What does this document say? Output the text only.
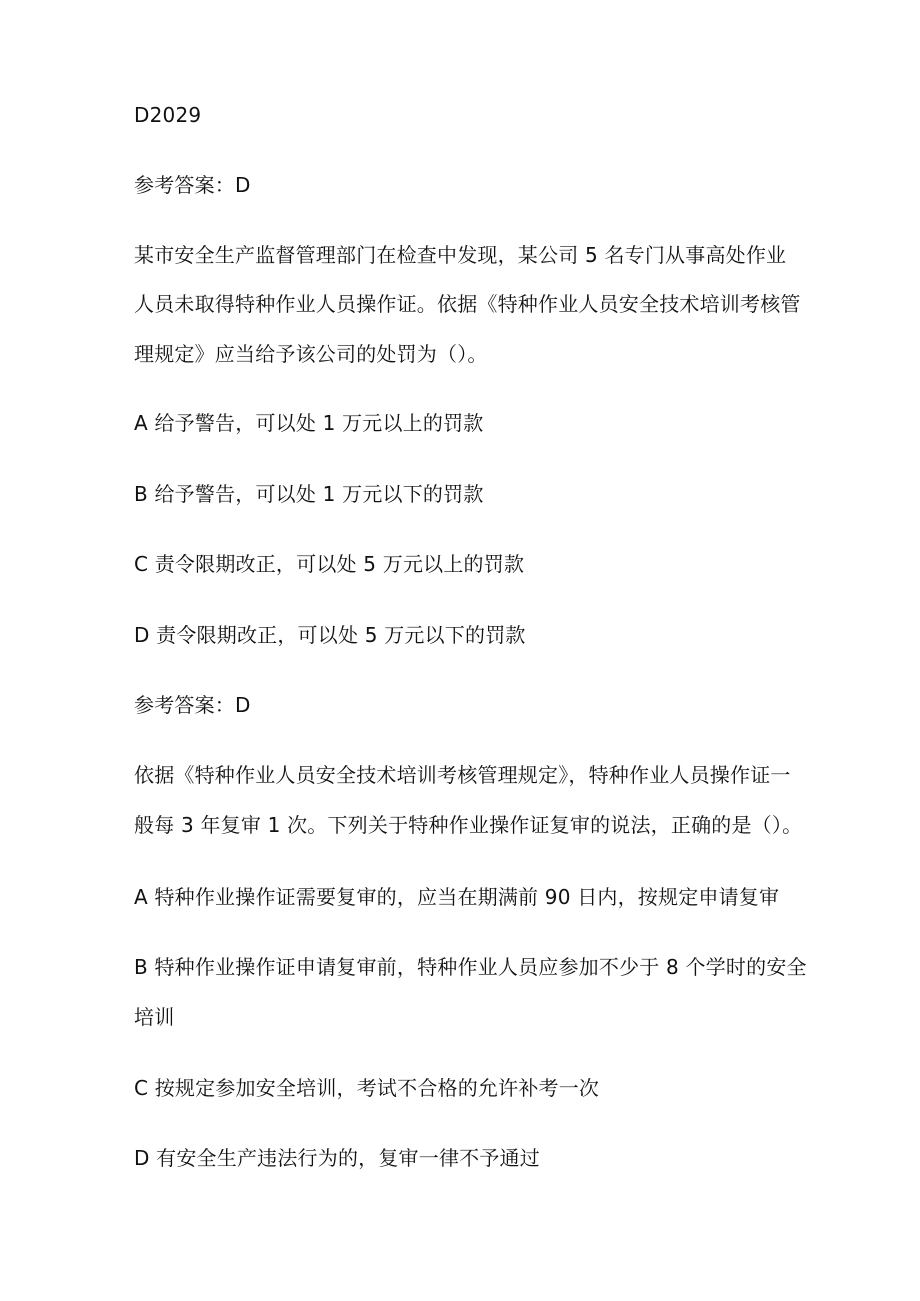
D2029
参考答案：D
某市安全生产监督管理部门在检查中发现，某公司 5 名专门从事高处作业
人员未取得特种作业人员操作证。依据《特种作业人员安全技术培训考核管
理规定》应当给予该公司的处罚为（）。
A 给予警告，可以处 1 万元以上的罚款
B 给予警告，可以处 1 万元以下的罚款
C 责令限期改正，可以处 5 万元以上的罚款
D 责令限期改正，可以处 5 万元以下的罚款
参考答案：D
依据《特种作业人员安全技术培训考核管理规定》，特种作业人员操作证一
般每 3 年复审 1 次。下列关于特种作业操作证复审的说法，正确的是（）。
A 特种作业操作证需要复审的，应当在期满前 90 日内，按规定申请复审
B 特种作业操作证申请复审前，特种作业人员应参加不少于 8 个学时的安全
培训
C 按规定参加安全培训，考试不合格的允许补考一次
D 有安全生产违法行为的，复审一律不予通过
